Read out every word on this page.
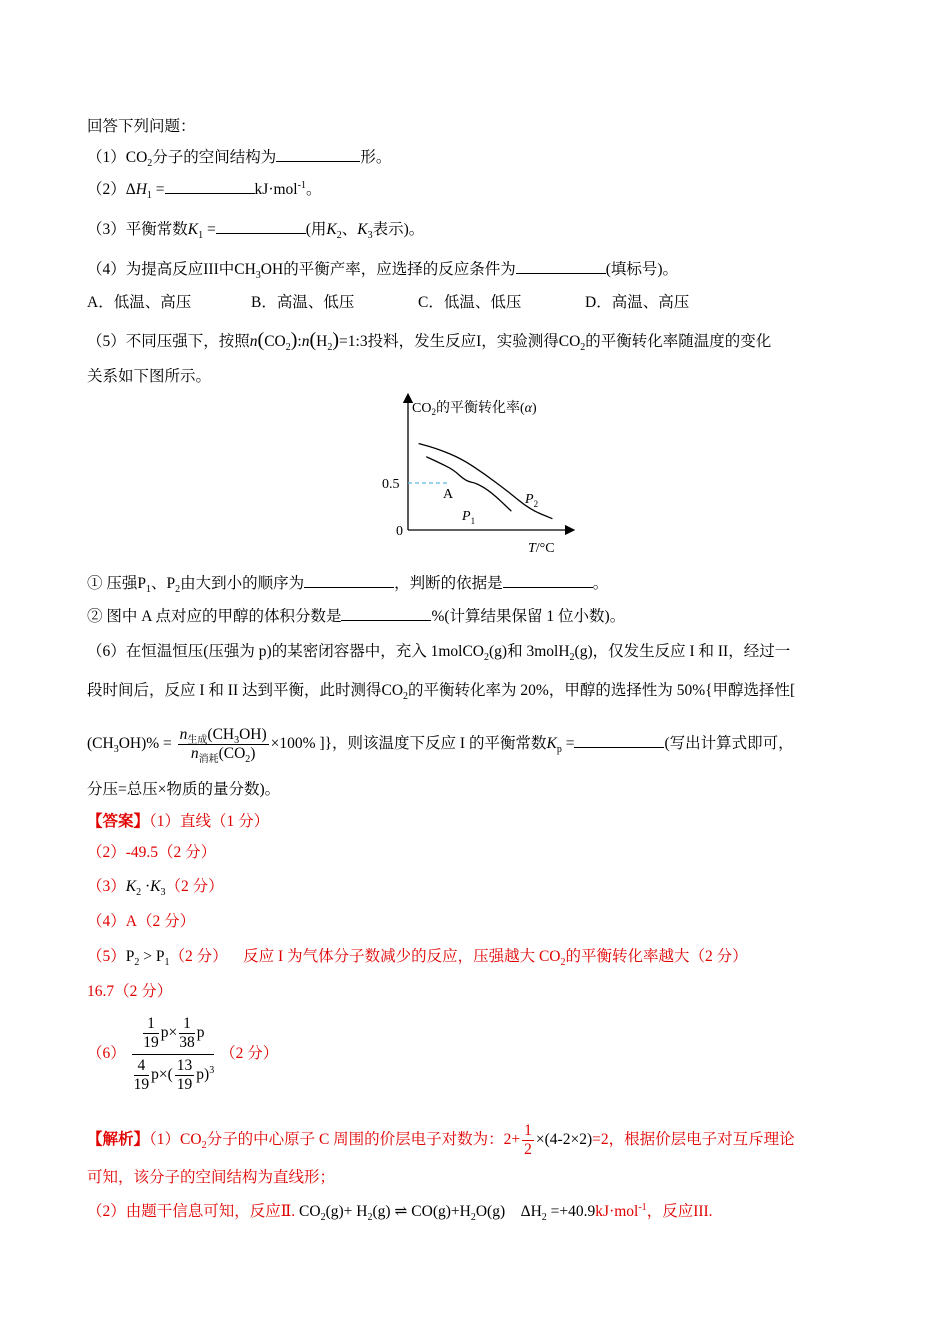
回答下列问题：
$(1)CO_2$分子的空间结构为	形。
$(2)\Delta H_1$ =	kJ·mol$^{-1}$。
（3）平衡常数$K_1$ =	(用$K_2$、$K_3$表示)。
（4）为提高反应III中$CH_3OH$的平衡产率，应选择的反应条件为	(填标号)。
A．低温、高压	B．高温、低压	C．低温、低压	D．高温、高压
（5）不同压强下，按照$n(CO_2):n(H_2)=1:3$投料，发生反应I，实验测得$CO_2$的平衡转化率随温度的变化
关系如下图所示。
$CO_2$的平衡转化率(α)
0.5
0
A
$P_1$
$P_2$
T/°C
① 压强$P_1$、$P_2$由大到小的顺序为	，判断的依据是	。
② 图中 A 点对应的甲醇的体积分数是	%(计算结果保留 1 位小数)。
（6）在恒温恒压(压强为 p)的某密闭容器中，充入 1molCO$_2$(g)和 3molH$_2$(g)，仅发生反应 I 和 II，经过一
段时间后，反应 I 和 II 达到平衡，此时测得$CO_2$的平衡转化率为 20%，甲醇的选择性为 50%{甲醇选择性[
$(CH_3OH)\% = \frac{n_{生成}(CH_3OH)}{n_{消耗}(CO_2)} \times 100\%$ ]}，则该温度下反应 I 的平衡常数$K_p$ =	(写出计算式即可，
分压=总压×物质的量分数)。
【答案】（1）直线（1 分）
（2）-49.5（2 分）
$(3)K_2 \cdot K_3(2$ 分）
（4）A（2 分）
$(5)P_2 > P_1(2$ 分） 反应 I 为气体分子数减少的反应，压强越大 $CO_2$的平衡转化率越大（2 分）
16.7（2 分）
$(6) \frac{\frac{1}{19} p\times \frac{1}{38} p}{\frac{4}{19} p\times( \frac{13}{19} p)^3} (2$ 分）
【解析】$(1)CO_2$分子的中心原子 C 周围的价层电子对数为：$2+ \frac{1}{2} \times(4-2\times 2)=2$，根据价层电子对互斥理论
可知，该分子的空间结构为直线形；
（2）由题干信息可知，反应Ⅱ. $CO_2(g)+ H_2(g)$ ⇌ $CO(g)+H_2O(g)$ $\Delta H_2 =+40.9kJ\cdot mol^{-1}$，反应III.
